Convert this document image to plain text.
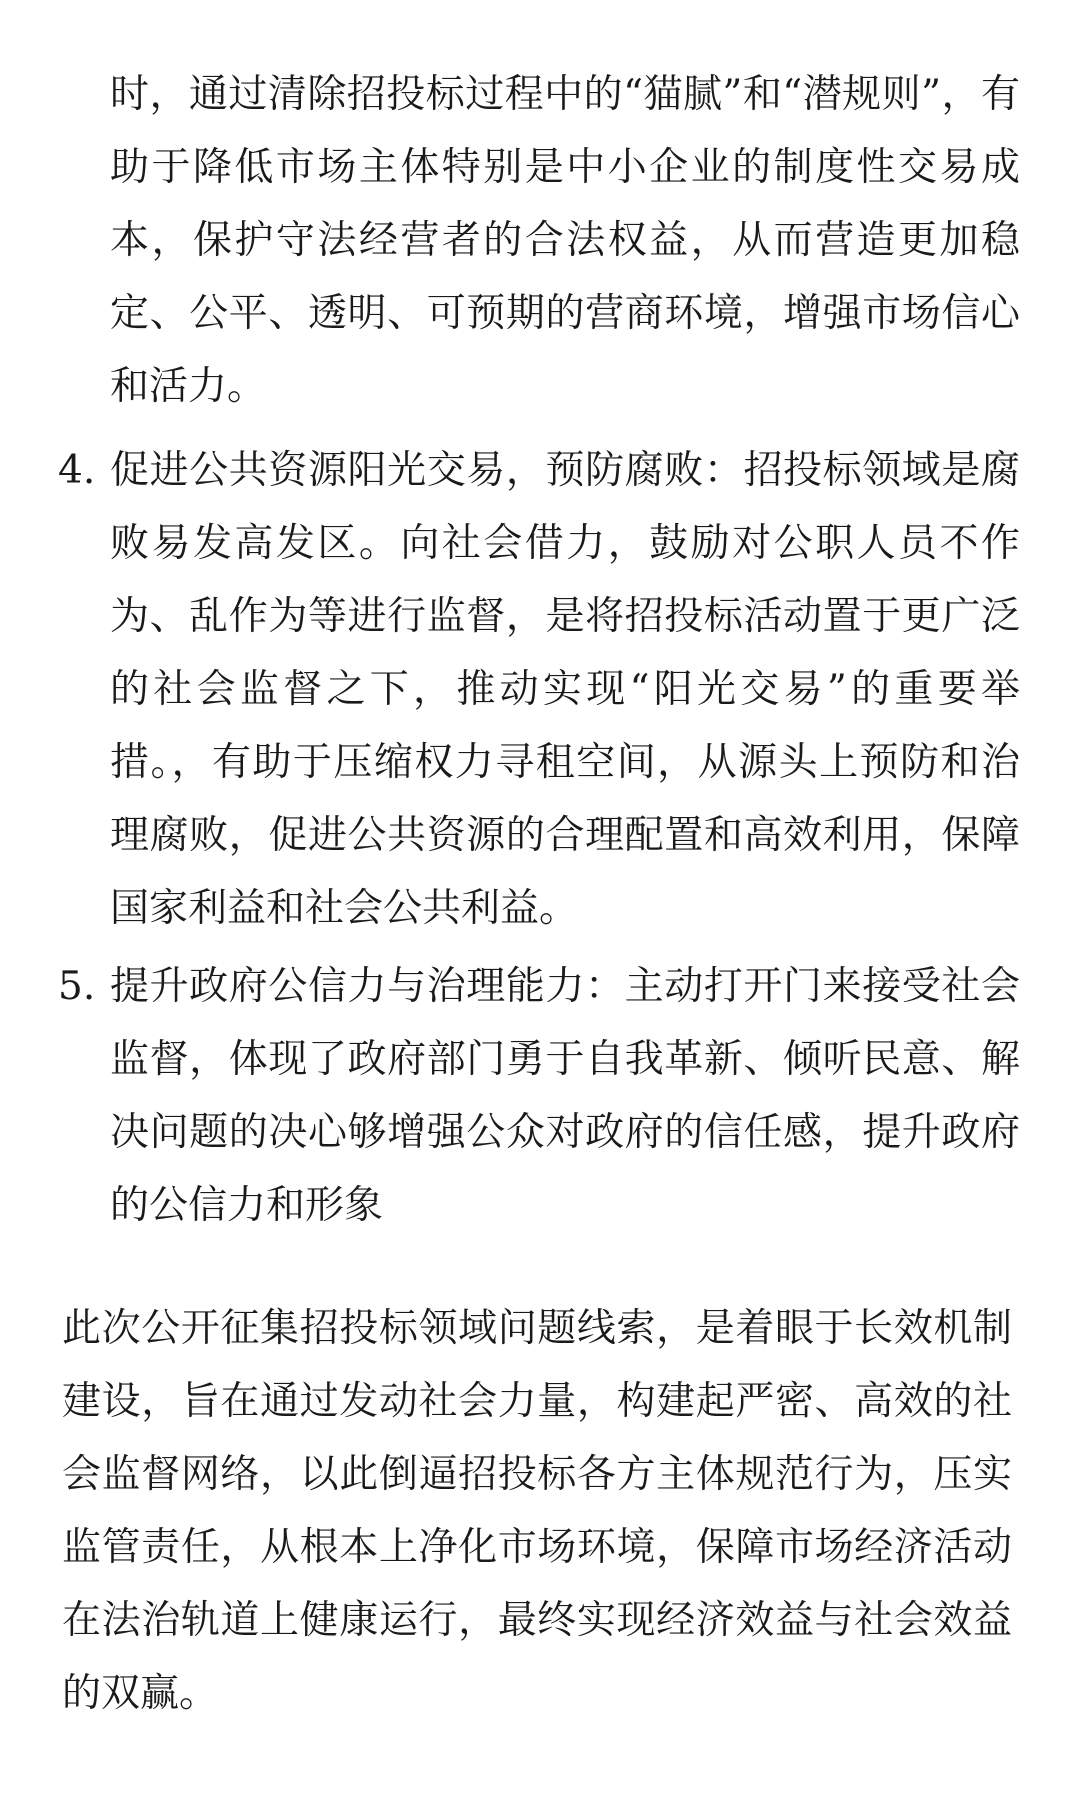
时，通过清除招投标过程中的“猫腻”和“潜规则”，有助于降低市场主体特别是中小企业的制度性交易成本，保护守法经营者的合法权益，从而营造更加稳定、公平、透明、可预期的营商环境，增强市场信心和活力。

4. 促进公共资源阳光交易，预防腐败：招投标领域是腐败易发高发区。向社会借力，鼓励对公职人员不作为、乱作为等进行监督，是将招投标活动置于更广泛的社会监督之下，推动实现“阳光交易”的重要举措。，有助于压缩权力寻租空间，从源头上预防和治理腐败，促进公共资源的合理配置和高效利用，保障国家利益和社会公共利益。

5. 提升政府公信力与治理能力：主动打开门来接受社会监督，体现了政府部门勇于自我革新、倾听民意、解决问题的决心够增强公众对政府的信任感，提升政府的公信力和形象

此次公开征集招投标领域问题线索，是着眼于长效机制建设，旨在通过发动社会力量，构建起严密、高效的社会监督网络，以此倒逼招投标各方主体规范行为，压实监管责任，从根本上净化市场环境，保障市场经济活动在法治轨道上健康运行，最终实现经济效益与社会效益的双赢。
